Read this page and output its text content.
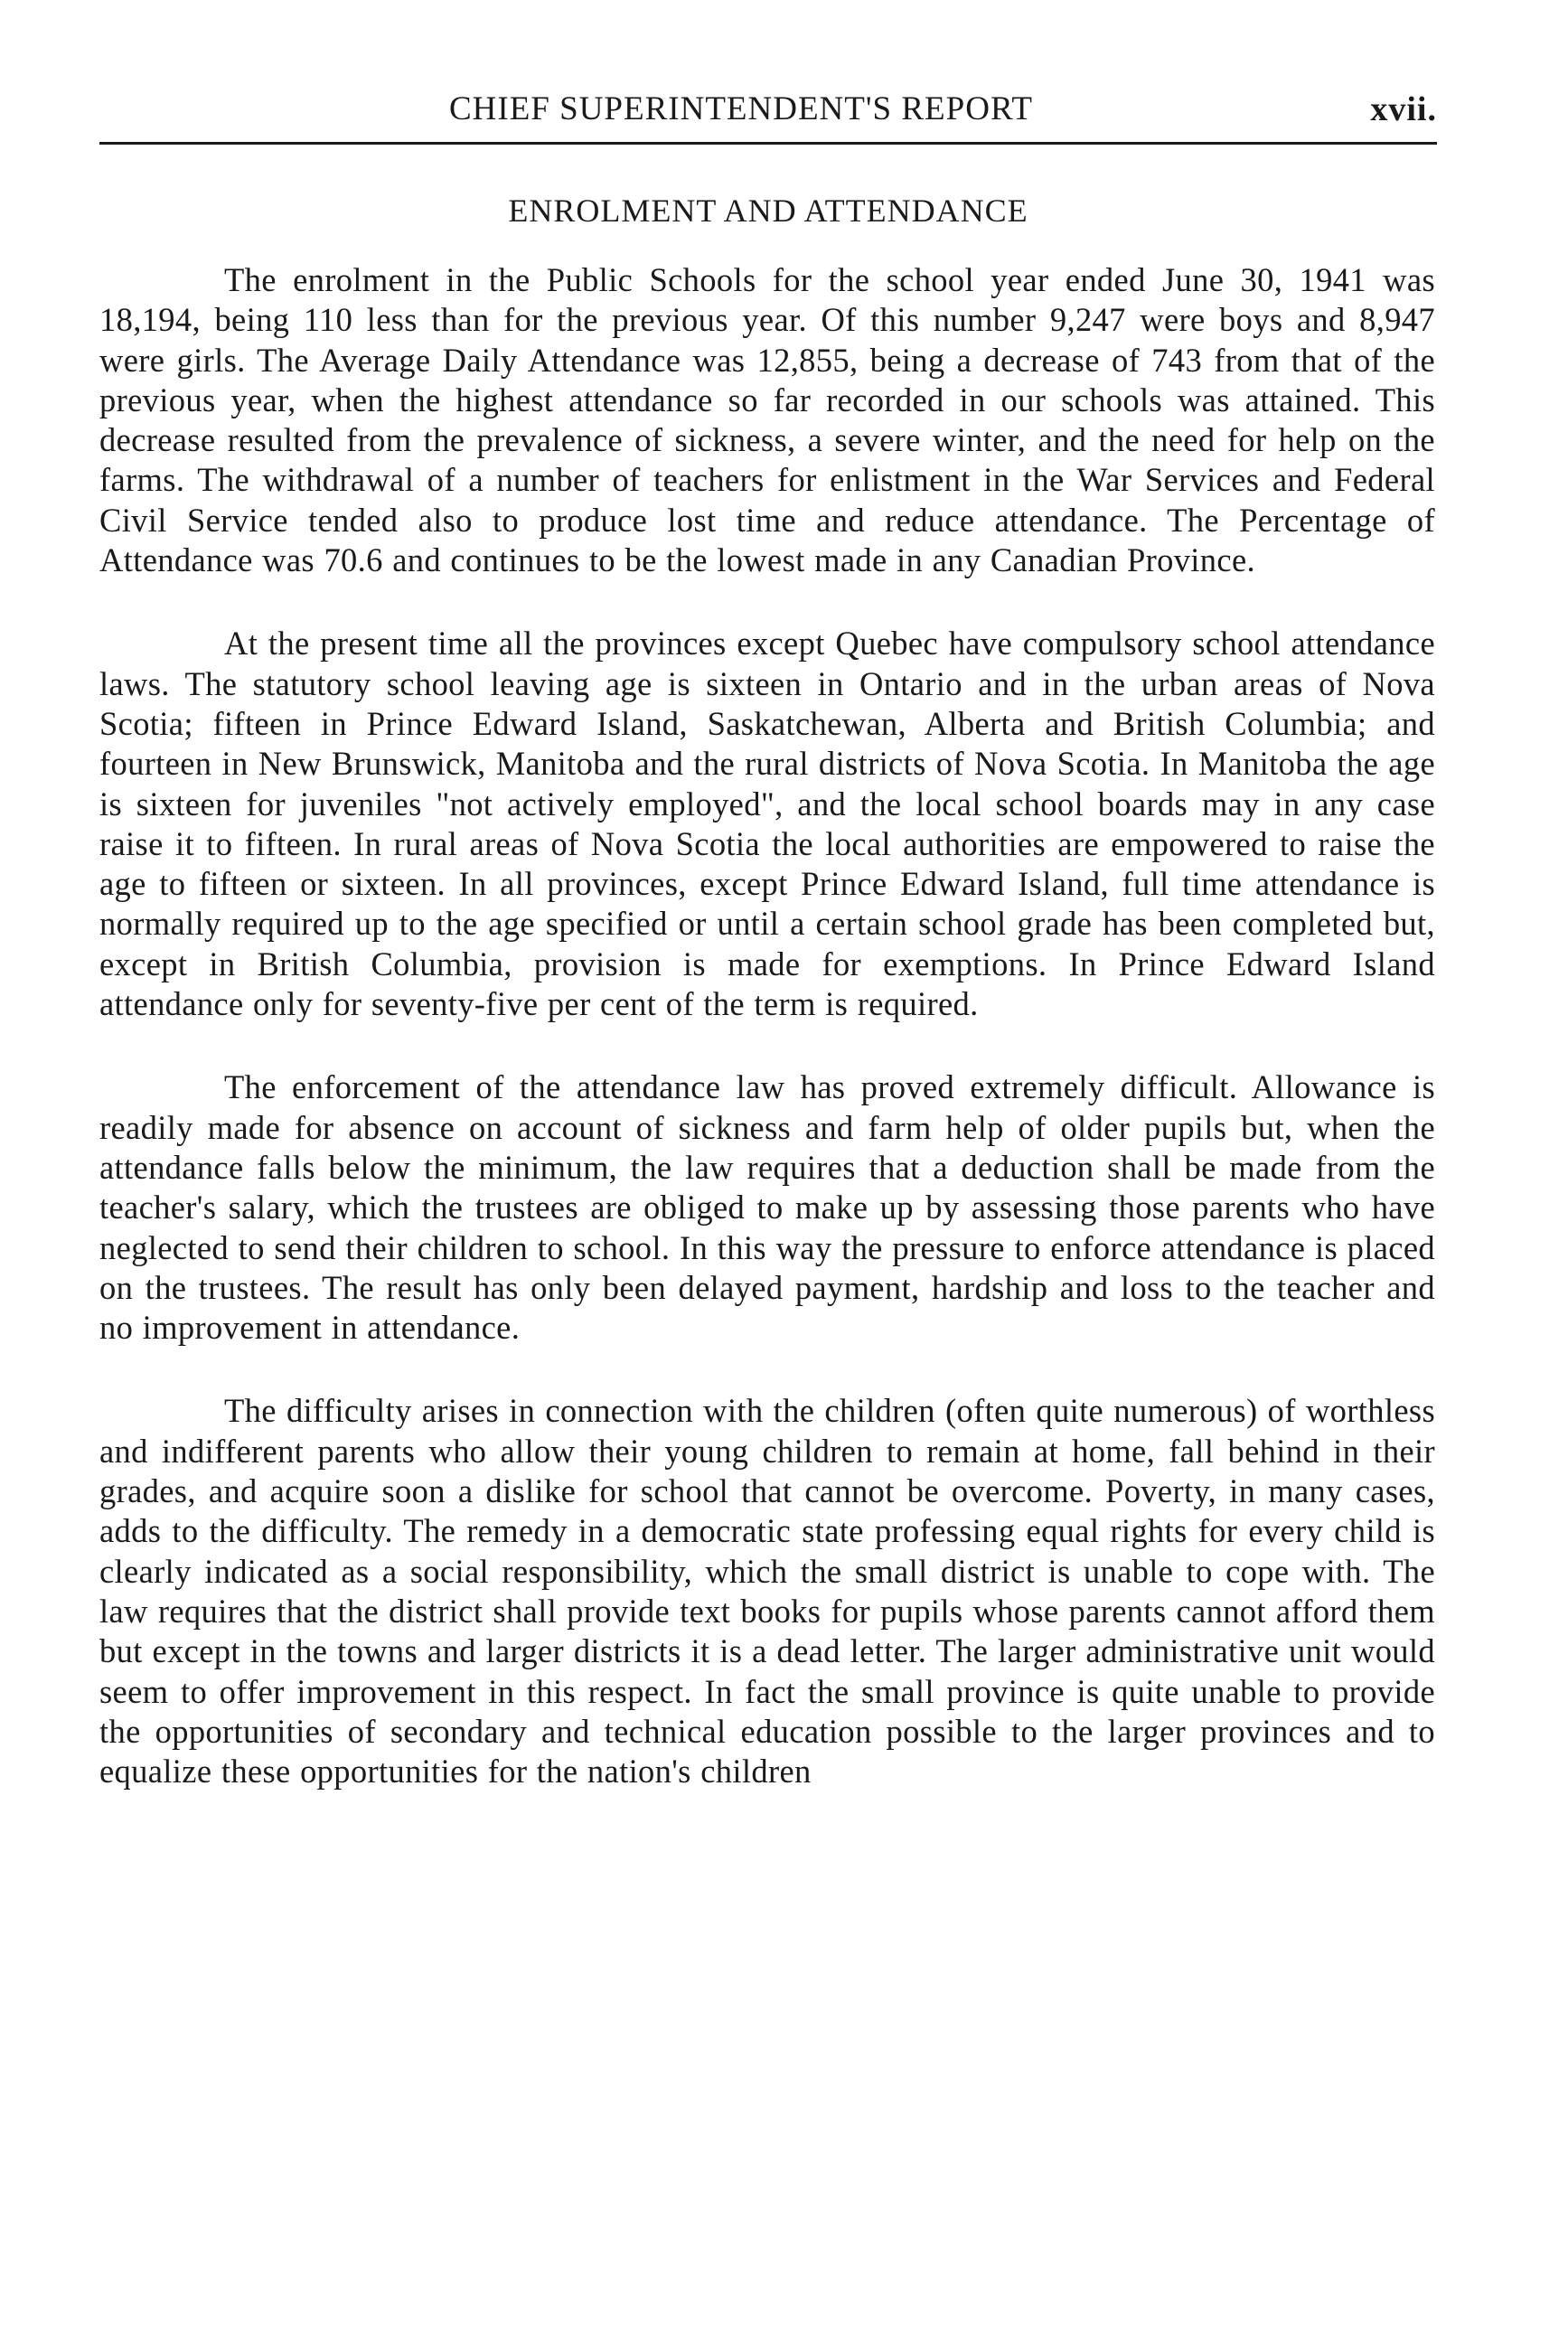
CHIEF SUPERINTENDENT'S REPORT	xvii.
ENROLMENT AND ATTENDANCE

The enrolment in the Public Schools for the school year ended June 30, 1941 was 18,194, being 110 less than for the previous year. Of this number 9,247 were boys and 8,947 were girls. The Average Daily Attendance was 12,855, being a decrease of 743 from that of the previous year, when the highest attendance so far recorded in our schools was attained. This decrease resulted from the prevalence of sickness, a severe winter, and the need for help on the farms. The withdrawal of a number of teachers for enlistment in the War Services and Federal Civil Service tended also to produce lost time and reduce attendance. The Percentage of Attendance was 70.6 and continues to be the lowest made in any Canadian Province.

At the present time all the provinces except Quebec have compulsory school attendance laws. The statutory school leaving age is sixteen in Ontario and in the urban areas of Nova Scotia; fifteen in Prince Edward Island, Saskatchewan, Alberta and British Columbia; and fourteen in New Brunswick, Manitoba and the rural districts of Nova Scotia. In Manitoba the age is sixteen for juveniles "not actively employed", and the local school boards may in any case raise it to fifteen. In rural areas of Nova Scotia the local authorities are empowered to raise the age to fifteen or sixteen. In all provinces, except Prince Edward Island, full time attendance is normally required up to the age specified or until a certain school grade has been completed but, except in British Columbia, provision is made for exemptions. In Prince Edward Island attendance only for seventy-five per cent of the term is required.

The enforcement of the attendance law has proved extremely difficult. Allowance is readily made for absence on account of sickness and farm help of older pupils but, when the attendance falls below the minimum, the law requires that a deduction shall be made from the teacher's salary, which the trustees are obliged to make up by assessing those parents who have neglected to send their children to school. In this way the pressure to enforce attendance is placed on the trustees. The result has only been delayed payment, hardship and loss to the teacher and no improvement in attendance.

The difficulty arises in connection with the children (often quite numerous) of worthless and indifferent parents who allow their young children to remain at home, fall behind in their grades, and acquire soon a dislike for school that cannot be overcome. Poverty, in many cases, adds to the difficulty. The remedy in a democratic state professing equal rights for every child is clearly indicated as a social responsibility, which the small district is unable to cope with. The law requires that the district shall provide text books for pupils whose parents cannot afford them but except in the towns and larger districts it is a dead letter. The larger administrative unit would seem to offer improvement in this respect. In fact the small province is quite unable to provide the opportunities of secondary and technical education possible to the larger provinces and to equalize these opportunities for the nation's children
